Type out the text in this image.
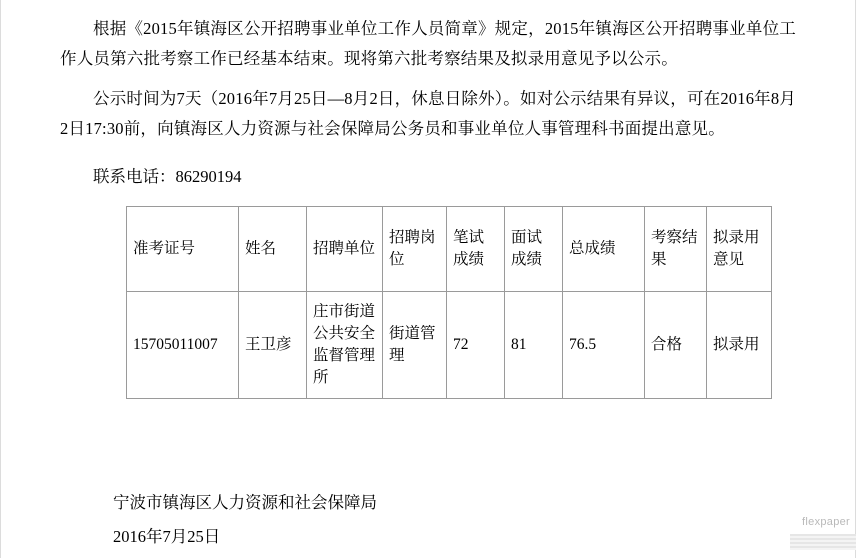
根据《2015年镇海区公开招聘事业单位工作人员简章》规定，2015年镇海区公开招聘事业单位工作人员第六批考察工作已经基本结束。现将第六批考察结果及拟录用意见予以公示。

公示时间为7天（2016年7月25日—8月2日，休息日除外）。如对公示结果有异议，可在2016年8月2日17:30前，向镇海区人力资源与社会保障局公务员和事业单位人事管理科书面提出意见。

联系电话：86290194

准考证号	姓名	招聘单位	招聘岗位	笔试成绩	面试成绩	总成绩	考察结果	拟录用意见
15705011007	王卫彦	庄市街道公共安全监督管理所	街道管理	72	81	76.5	合格	拟录用
宁波市镇海区人力资源和社会保障局
2016年7月25日
flexpaper
